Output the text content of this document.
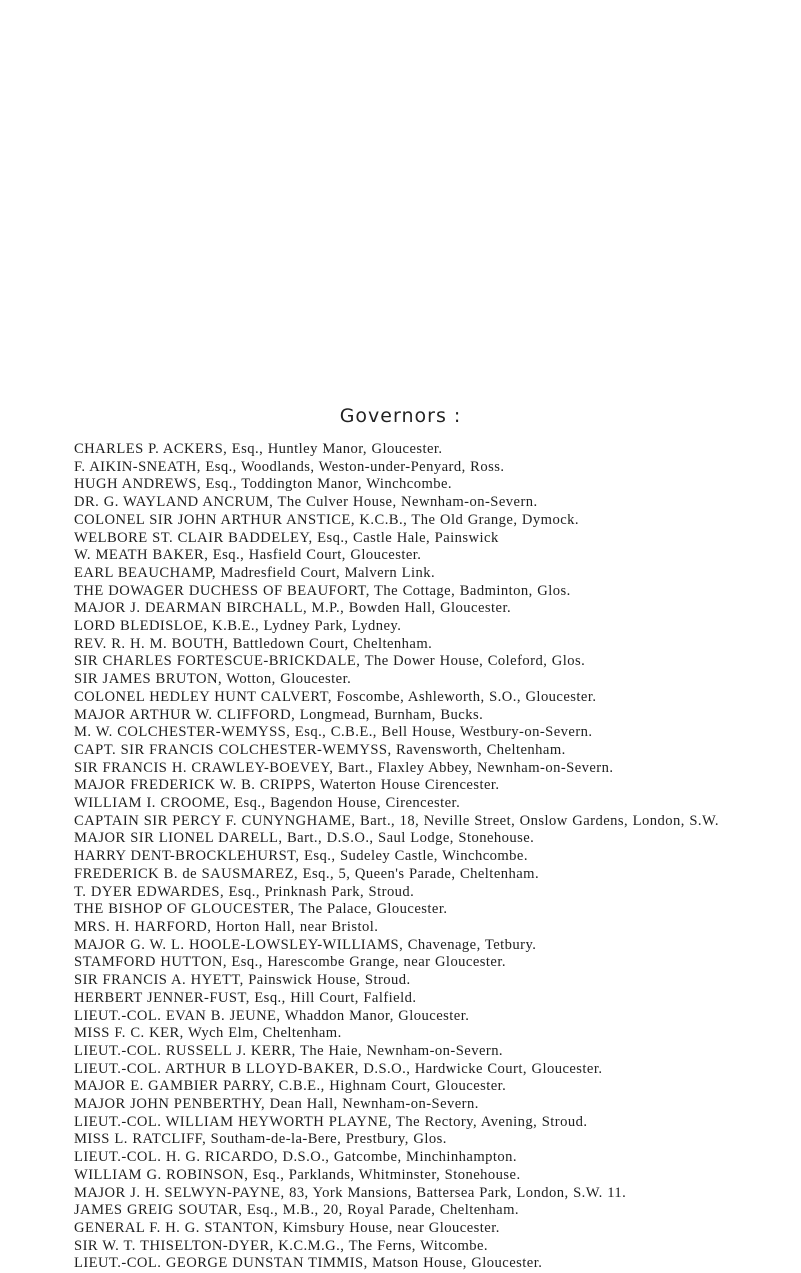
Governors :
CHARLES P. ACKERS, Esq., Huntley Manor, Gloucester.
F. AIKIN-SNEATH, Esq., Woodlands, Weston-under-Penyard, Ross.
HUGH ANDREWS, Esq., Toddington Manor, Winchcombe.
DR. G. WAYLAND ANCRUM, The Culver House, Newnham-on-Severn.
COLONEL SIR JOHN ARTHUR ANSTICE, K.C.B., The Old Grange, Dymock.
WELBORE ST. CLAIR BADDELEY, Esq., Castle Hale, Painswick
W. MEATH BAKER, Esq., Hasfield Court, Gloucester.
EARL BEAUCHAMP, Madresfield Court, Malvern Link.
THE DOWAGER DUCHESS OF BEAUFORT, The Cottage, Badminton, Glos.
MAJOR J. DEARMAN BIRCHALL, M.P., Bowden Hall, Gloucester.
LORD BLEDISLOE, K.B.E., Lydney Park, Lydney.
REV. R. H. M. BOUTH, Battledown Court, Cheltenham.
SIR CHARLES FORTESCUE-BRICKDALE, The Dower House, Coleford, Glos.
SIR JAMES BRUTON, Wotton, Gloucester.
COLONEL HEDLEY HUNT CALVERT, Foscombe, Ashleworth, S.O., Gloucester.
MAJOR ARTHUR W. CLIFFORD, Longmead, Burnham, Bucks.
M. W. COLCHESTER-WEMYSS, Esq., C.B.E., Bell House, Westbury-on-Severn.
CAPT. SIR FRANCIS COLCHESTER-WEMYSS, Ravensworth, Cheltenham.
SIR FRANCIS H. CRAWLEY-BOEVEY, Bart., Flaxley Abbey, Newnham-on-Severn.
MAJOR FREDERICK W. B. CRIPPS, Waterton House Cirencester.
WILLIAM I. CROOME, Esq., Bagendon House, Cirencester.
CAPTAIN SIR PERCY F. CUNYNGHAME, Bart., 18, Neville Street, Onslow Gardens, London, S.W.
MAJOR SIR LIONEL DARELL, Bart., D.S.O., Saul Lodge, Stonehouse.
HARRY DENT-BROCKLEHURST, Esq., Sudeley Castle, Winchcombe.
FREDERICK B. de SAUSMAREZ, Esq., 5, Queen's Parade, Cheltenham.
T. DYER EDWARDES, Esq., Prinknash Park, Stroud.
THE BISHOP OF GLOUCESTER, The Palace, Gloucester.
MRS. H. HARFORD, Horton Hall, near Bristol.
MAJOR G. W. L. HOOLE-LOWSLEY-WILLIAMS, Chavenage, Tetbury.
STAMFORD HUTTON, Esq., Harescombe Grange, near Gloucester.
SIR FRANCIS A. HYETT, Painswick House, Stroud.
HERBERT JENNER-FUST, Esq., Hill Court, Falfield.
LIEUT.-COL. EVAN B. JEUNE, Whaddon Manor, Gloucester.
MISS F. C. KER, Wych Elm, Cheltenham.
LIEUT.-COL. RUSSELL J. KERR, The Haie, Newnham-on-Severn.
LIEUT.-COL. ARTHUR B LLOYD-BAKER, D.S.O., Hardwicke Court, Gloucester.
MAJOR E. GAMBIER PARRY, C.B.E., Highnam Court, Gloucester.
MAJOR JOHN PENBERTHY, Dean Hall, Newnham-on-Severn.
LIEUT.-COL. WILLIAM HEYWORTH PLAYNE, The Rectory, Avening, Stroud.
MISS L. RATCLIFF, Southam-de-la-Bere, Prestbury, Glos.
LIEUT.-COL. H. G. RICARDO, D.S.O., Gatcombe, Minchinhampton.
WILLIAM G. ROBINSON, Esq., Parklands, Whitminster, Stonehouse.
MAJOR J. H. SELWYN-PAYNE, 83, York Mansions, Battersea Park, London, S.W. 11.
JAMES GREIG SOUTAR, Esq., M.B., 20, Royal Parade, Cheltenham.
GENERAL F. H. G. STANTON, Kimsbury House, near Gloucester.
SIR W. T. THISELTON-DYER, K.C.M.G., The Ferns, Witcombe.
LIEUT.-COL. GEORGE DUNSTAN TIMMIS, Matson House, Gloucester.
